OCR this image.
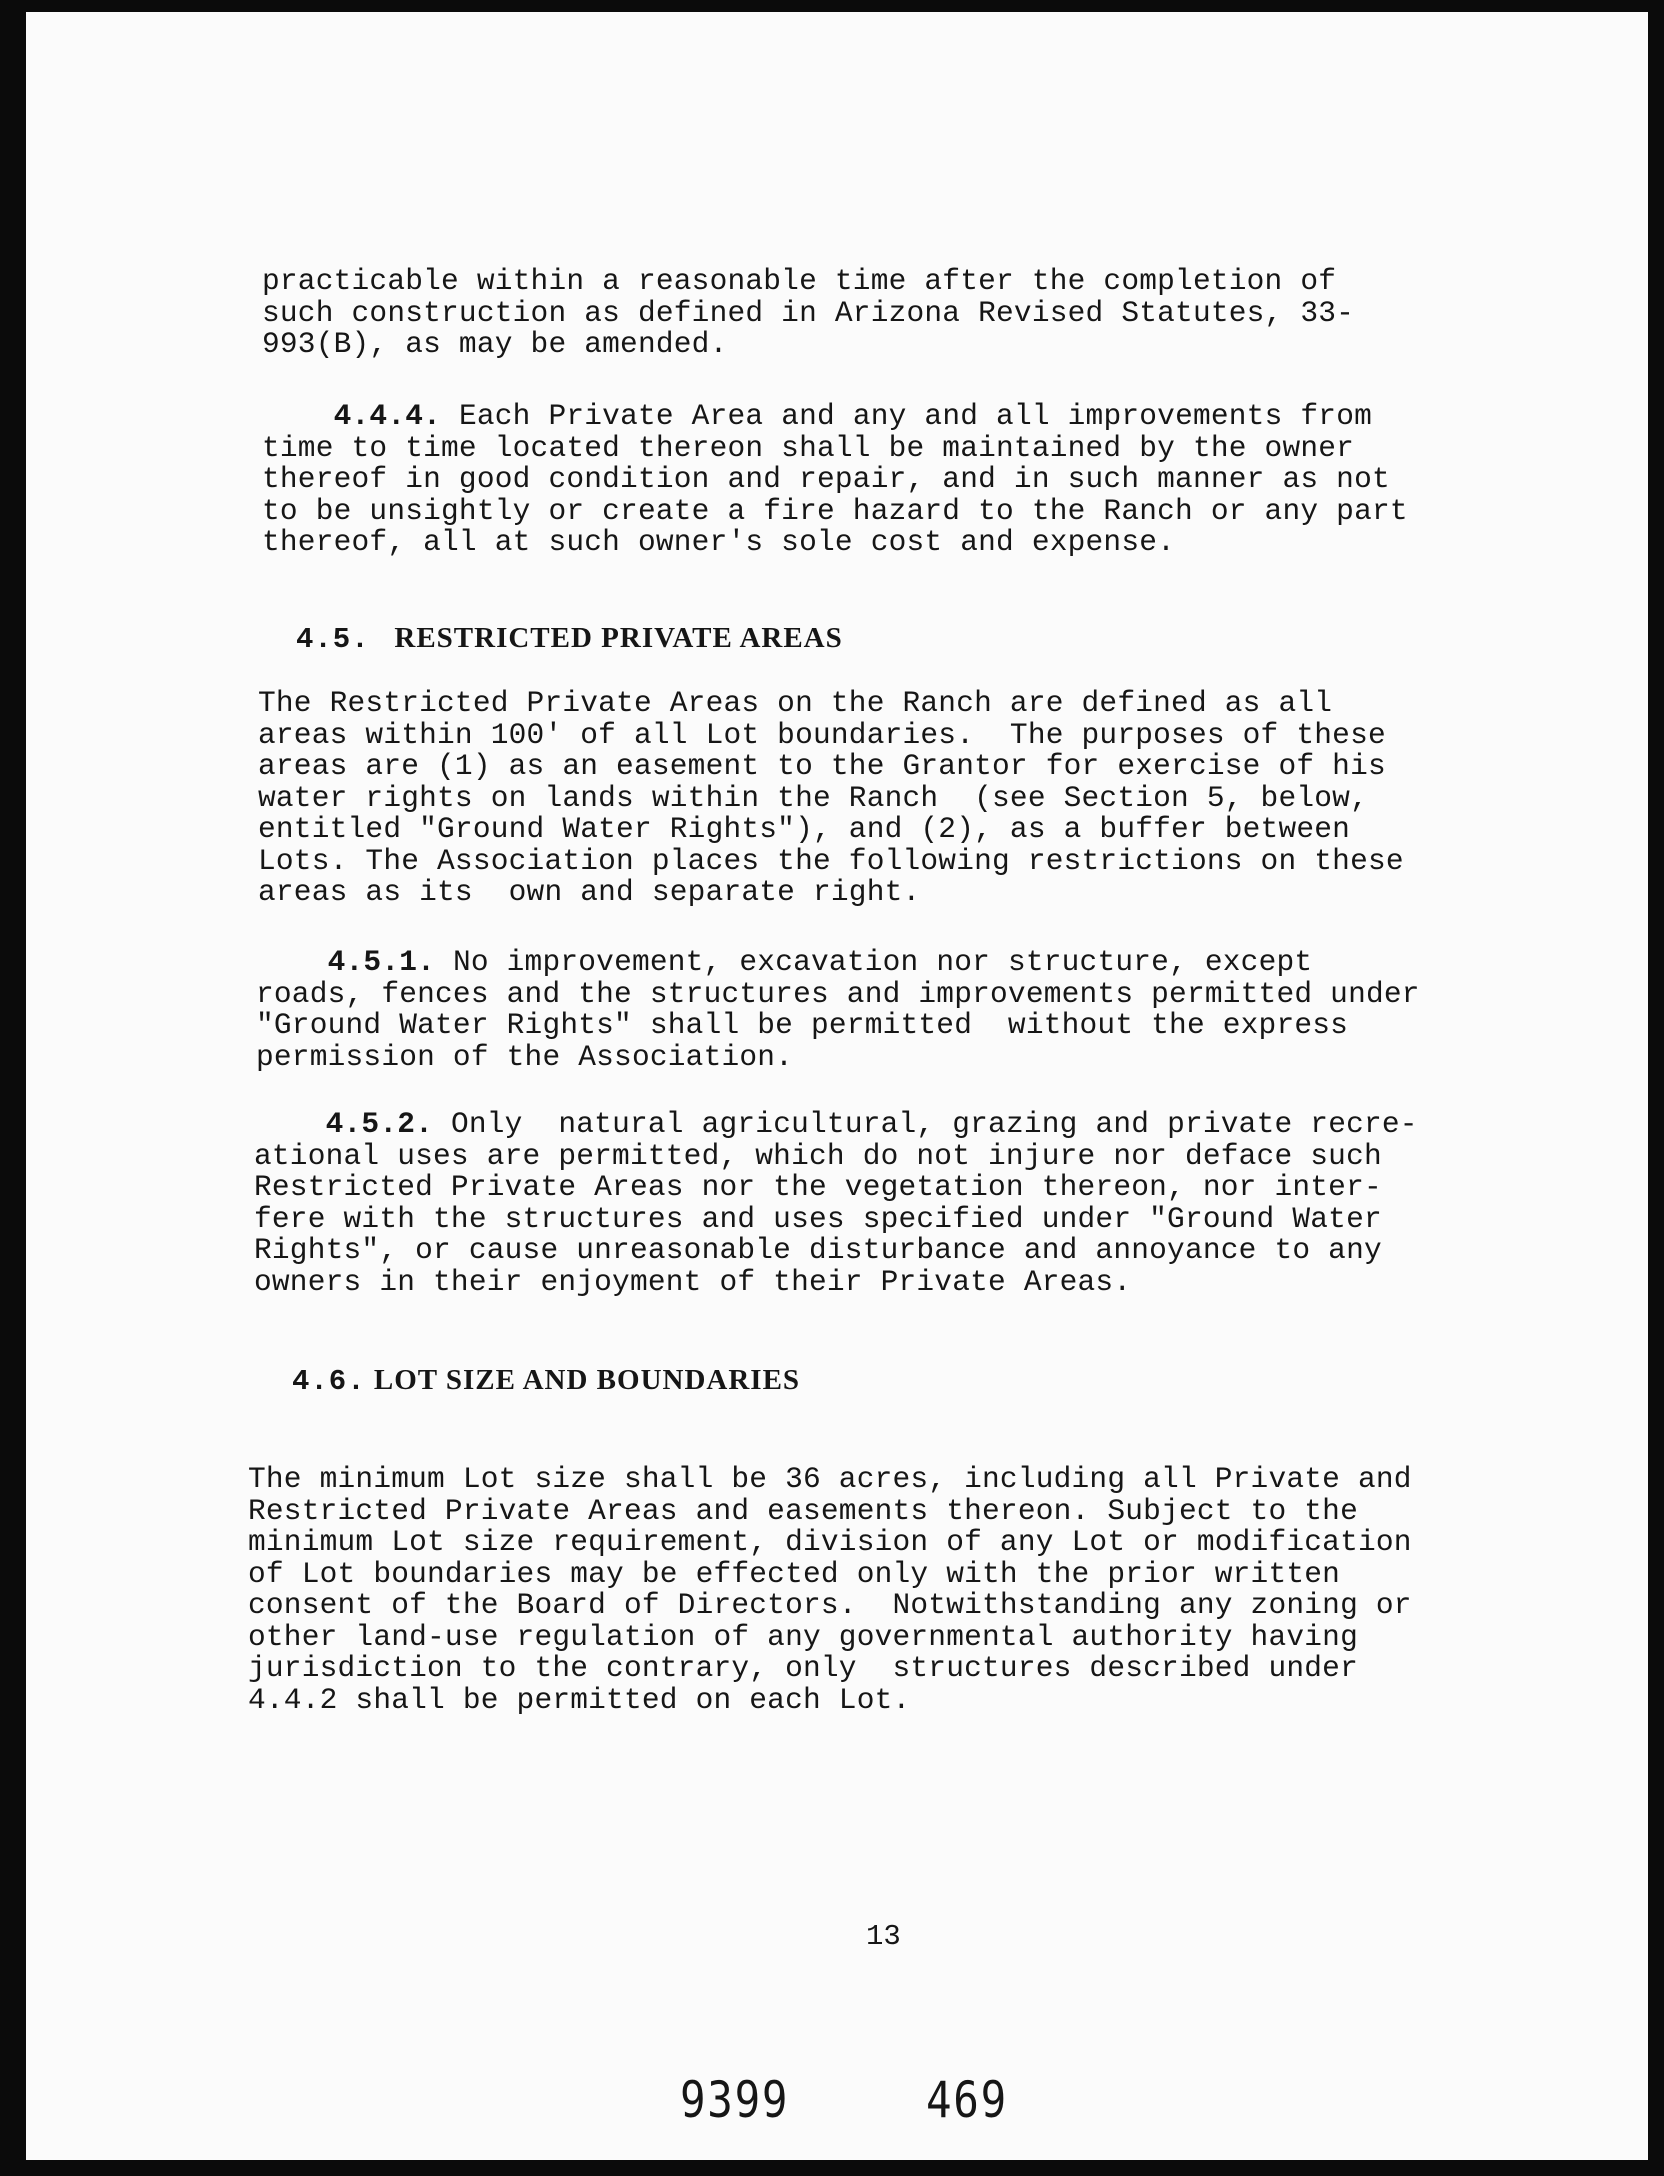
practicable within a reasonable time after the completion of
such construction as defined in Arizona Revised Statutes, 33-
993(B), as may be amended.
4.4.4. Each Private Area and any and all improvements from
time to time located thereon shall be maintained by the owner
thereof in good condition and repair, and in such manner as not
to be unsightly or create a fire hazard to the Ranch or any part
thereof, all at such owner's sole cost and expense.
4.5. RESTRICTED PRIVATE AREAS
The Restricted Private Areas on the Ranch are defined as all
areas within 100' of all Lot boundaries.  The purposes of these
areas are (1) as an easement to the Grantor for exercise of his
water rights on lands within the Ranch  (see Section 5, below,
entitled "Ground Water Rights"), and (2), as a buffer between
Lots. The Association places the following restrictions on these
areas as its  own and separate right.
4.5.1. No improvement, excavation nor structure, except
roads, fences and the structures and improvements permitted under
"Ground Water Rights" shall be permitted  without the express
permission of the Association.
4.5.2. Only  natural agricultural, grazing and private recre-
ational uses are permitted, which do not injure nor deface such
Restricted Private Areas nor the vegetation thereon, nor inter-
fere with the structures and uses specified under "Ground Water
Rights", or cause unreasonable disturbance and annoyance to any
owners in their enjoyment of their Private Areas.
4.6. LOT SIZE AND BOUNDARIES
The minimum Lot size shall be 36 acres, including all Private and
Restricted Private Areas and easements thereon. Subject to the
minimum Lot size requirement, division of any Lot or modification
of Lot boundaries may be effected only with the prior written
consent of the Board of Directors.  Notwithstanding any zoning or
other land-use regulation of any governmental authority having
jurisdiction to the contrary, only  structures described under
4.4.2 shall be permitted on each Lot.
13
9399	469
